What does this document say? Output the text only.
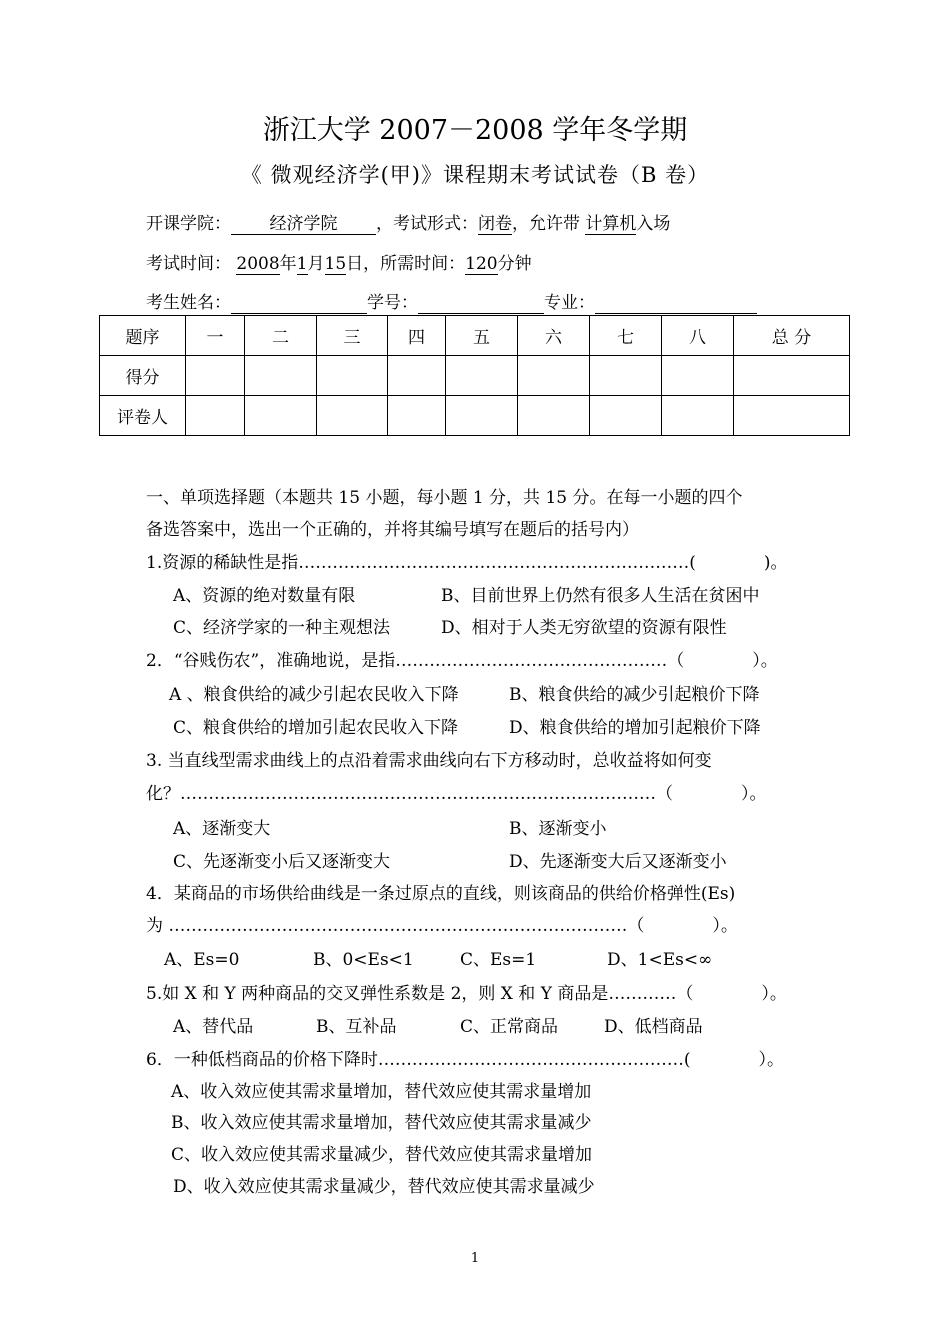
浙江大学 2007－2008 学年冬学期
《 微观经济学(甲)》课程期末考试试卷（B 卷）
开课学院： 经济学院 ，考试形式：闭卷，允许带 计算机入场
考试时间： 2008年1月15日，所需时间：120分钟
考生姓名：	学号：	专业：
题序	一	二	三	四	五	六	七	八	总 分
得分									
评卷人									
一、单项选择题（本题共 15 小题，每小题 1 分，共 15 分。在每一小题的四个
备选答案中，选出一个正确的，并将其编号填写在题后的括号内）
1.资源的稀缺性是指……………………………………………………………(　　　　)。
A、资源的绝对数量有限	B、目前世界上仍然有很多人生活在贫困中
C、经济学家的一种主观想法	D、相对于人类无穷欲望的资源有限性
2．“谷贱伤农”，准确地说，是指…………………………………………（　　　　）。
A 、粮食供给的减少引起农民收入下降	B、粮食供给的减少引起粮价下降
C、粮食供给的增加引起农民收入下降	D、粮食供给的增加引起粮价下降
3. 当直线型需求曲线上的点沿着需求曲线向右下方移动时，总收益将如何变
化？…………………………………………………………………………（　　　　）。
A、逐渐变大	B、逐渐变小
C、先逐渐变小后又逐渐变大	D、先逐渐变大后又逐渐变小
4．某商品的市场供给曲线是一条过原点的直线，则该商品的供给价格弹性(Es)
为 ………………………………………………………………………（　　　　）。
A、Es=0	B、0<Es<1	C、Es=1	D、1<Es<∞
5.如 X 和 Y 两种商品的交叉弹性系数是 2，则 X 和 Y 商品是…………（　　　　）。
A、替代品	B、互补品	C、正常商品	D、低档商品
6．一种低档商品的价格下降时………………………………………………(　　　　）。
A、收入效应使其需求量增加，替代效应使其需求量增加
B、收入效应使其需求量增加，替代效应使其需求量减少
C、收入效应使其需求量减少，替代效应使其需求量增加
D、收入效应使其需求量减少，替代效应使其需求量减少
1
